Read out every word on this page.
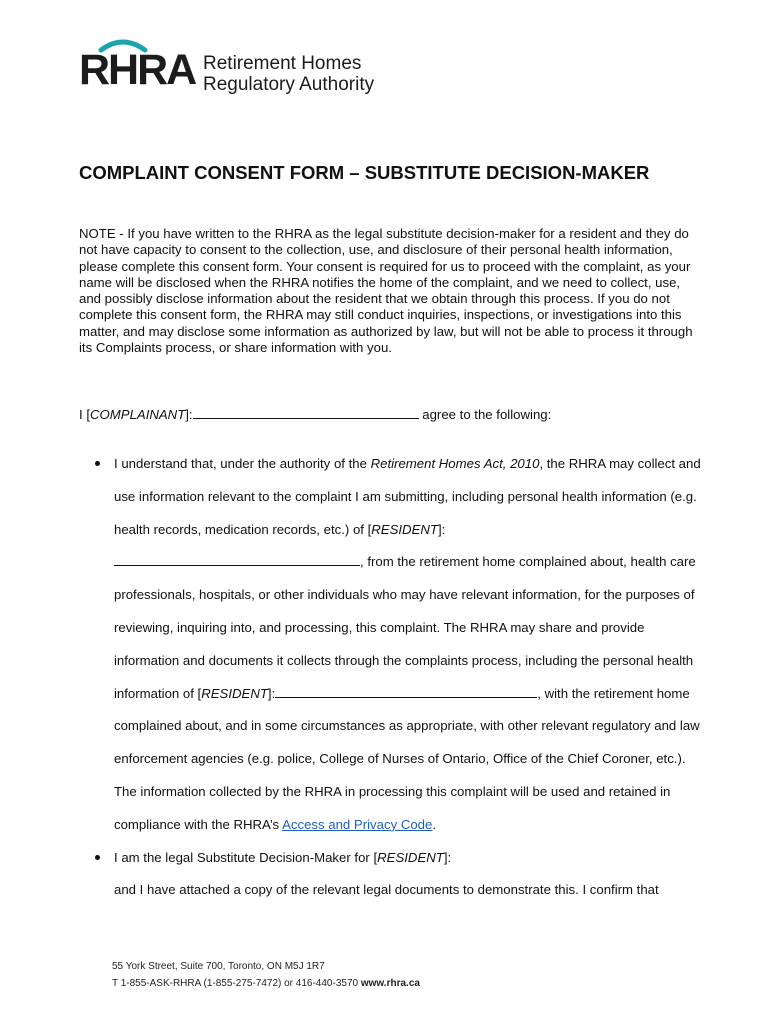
RHRA Retirement Homes
Regulatory Authority
COMPLAINT CONSENT FORM – SUBSTITUTE DECISION-MAKER

NOTE - If you have written to the RHRA as the legal substitute decision-maker for a resident and they do not have capacity to consent to the collection, use, and disclosure of their personal health information, please complete this consent form. Your consent is required for us to proceed with the complaint, as your name will be disclosed when the RHRA notifies the home of the complaint, and we need to collect, use, and possibly disclose information about the resident that we obtain through this process. If you do not complete this consent form, the RHRA may still conduct inquiries, inspections, or investigations into this matter, and may disclose some information as authorized by law, but will not be able to process it through its Complaints process, or share information with you.

I [COMPLAINANT]:	agree to the following:
I understand that, under the authority of the Retirement Homes Act, 2010, the RHRA may collect and use information relevant to the complaint I am submitting, including personal health information (e.g. health records, medication records, etc.) of [RESIDENT]:
, from the retirement home complained about, health care professionals, hospitals, or other individuals who may have relevant information, for the purposes of reviewing, inquiring into, and processing, this complaint. The RHRA may share and provide information and documents it collects through the complaints process, including the personal health information of [RESIDENT]:	, with the retirement home complained about, and in some circumstances as appropriate, with other relevant regulatory and law enforcement agencies (e.g. police, College of Nurses of Ontario, Office of the Chief Coroner, etc.). The information collected by the RHRA in processing this complaint will be used and retained in compliance with the RHRA’s Access and Privacy Code.
I am the legal Substitute Decision-Maker for [RESIDENT]:
and I have attached a copy of the relevant legal documents to demonstrate this. I confirm that
55 York Street, Suite 700, Toronto, ON M5J 1R7
T 1-855-ASK-RHRA (1-855-275-7472) or 416-440-3570 www.rhra.ca
